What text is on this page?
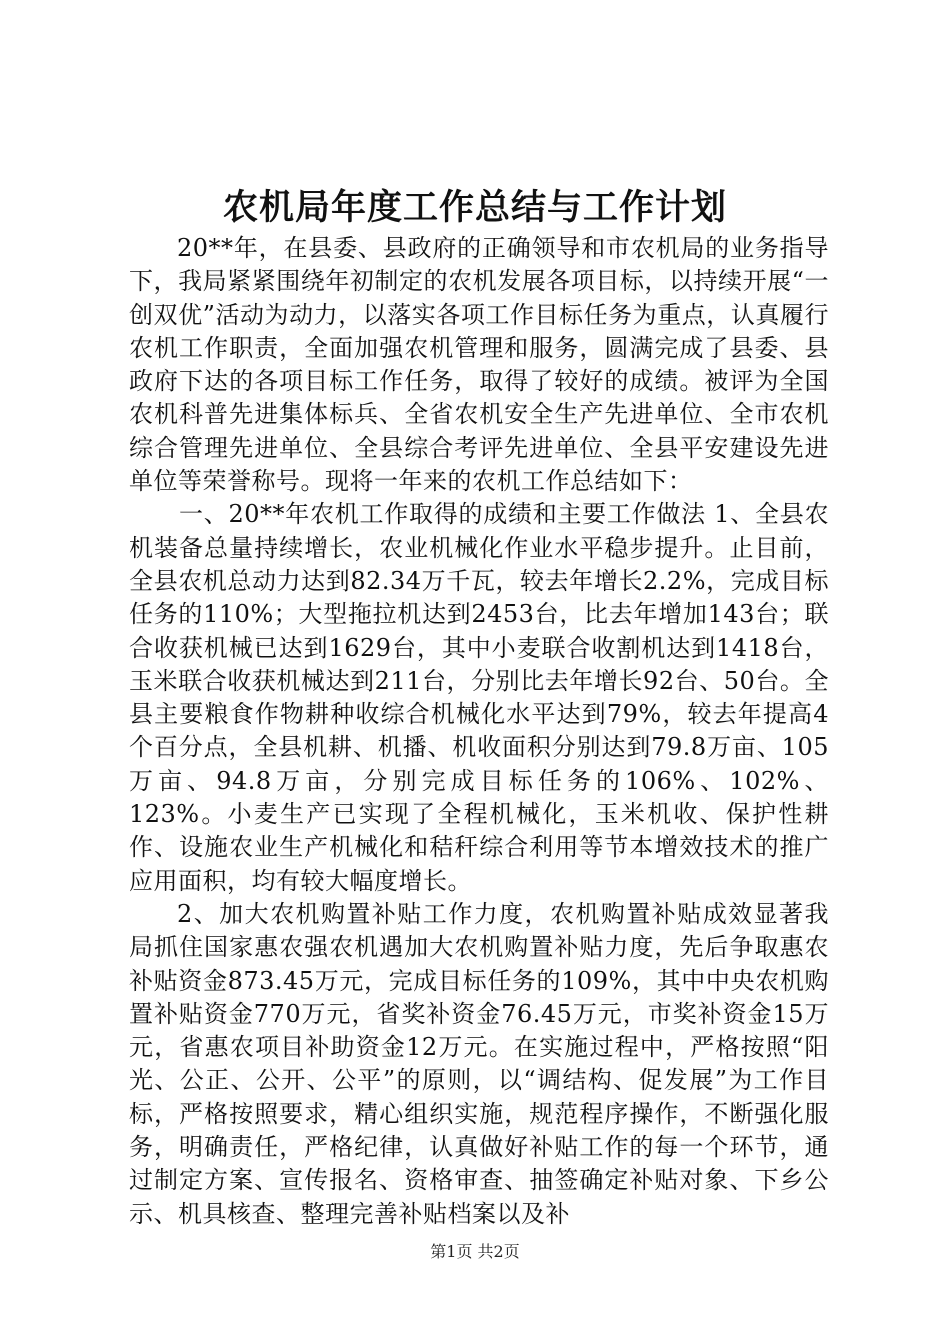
农机局年度工作总结与工作计划

20**年，在县委、县政府的正确领导和市农机局的业务指导下，我局紧紧围绕年初制定的农机发展各项目标，以持续开展“一创双优”活动为动力，以落实各项工作目标任务为重点，认真履行农机工作职责，全面加强农机管理和服务，圆满完成了县委、县政府下达的各项目标工作任务，取得了较好的成绩。被评为全国农机科普先进集体标兵、全省农机安全生产先进单位、全市农机综合管理先进单位、全县综合考评先进单位、全县平安建设先进单位等荣誉称号。现将一年来的农机工作总结如下：

一、20**年农机工作取得的成绩和主要工作做法 1、全县农机装备总量持续增长，农业机械化作业水平稳步提升。止目前，全县农机总动力达到82.34万千瓦，较去年增长2.2%，完成目标任务的110%；大型拖拉机达到2453台，比去年增加143台；联合收获机械已达到1629台，其中小麦联合收割机达到1418台，玉米联合收获机械达到211台，分别比去年增长92台、50台。全县主要粮食作物耕种收综合机械化水平达到79%，较去年提高4个百分点，全县机耕、机播、机收面积分别达到79.8万亩、105万亩、94.8万亩，分别完成目标任务的106%、102%、123%。小麦生产已实现了全程机械化，玉米机收、保护性耕作、设施农业生产机械化和秸秆综合利用等节本增效技术的推广应用面积，均有较大幅度增长。

2、加大农机购置补贴工作力度，农机购置补贴成效显著我局抓住国家惠农强农机遇加大农机购置补贴力度，先后争取惠农补贴资金873.45万元，完成目标任务的109%，其中中央农机购置补贴资金770万元，省奖补资金76.45万元，市奖补资金15万元，省惠农项目补助资金12万元。在实施过程中，严格按照“阳光、公正、公开、公平”的原则，以“调结构、促发展”为工作目标，严格按照要求，精心组织实施，规范程序操作，不断强化服务，明确责任，严格纪律，认真做好补贴工作的每一个环节，通过制定方案、宣传报名、资格审查、抽签确定补贴对象、下乡公示、机具核查、整理完善补贴档案以及补

第1页 共2页
